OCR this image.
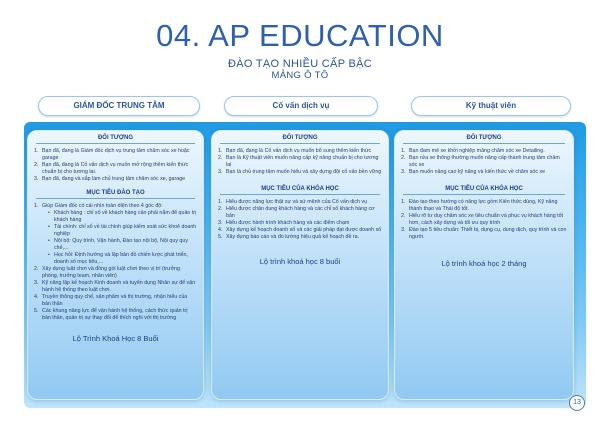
04. AP EDUCATION
ĐÀO TẠO NHIỀU CẤP BẬC
MẢNG Ô TÔ
GIÁM ĐỐC TRUNG TÂM	Cố vấn dịch vụ	Kỹ thuật viên
ĐỐI TƯỢNG
1. Bạn đã, đang là Giám đốc dịch vụ trung tâm chăm sóc xe hoặc garage
2. Bạn đã, đang là Cố vấn dịch vụ muốn mở rộng thêm kiến thức chuẩn bị cho tương lai.
3. Bạn đã, đang và sắp làm chủ trung tâm chăm sóc xe, garage
MỤC TIÊU ĐÀO TẠO
1. Giúp Giám đốc có cái nhìn toàn diện theo 4 góc độ:
• Khách hàng : chỉ số về khách hàng cần phải nắm để quản trị khách hàng
• Tài chính: chỉ số về tài chính giúp kiểm soát sức khoẻ doanh nghiệp
• Nội bộ: Quy trình, Vận hành, Đào tạo nội bộ, Nội quy quy chế,...
• Học hỏi: Định hướng và lập bản đồ chiến lược phát triển, doanh số mục tiêu,...
2. Xây dựng luật chơi và đồng gói luật chơi theo vị trí (trưởng phòng, trưởng team, nhân viên)
3. Kỹ năng lập kế hoạch Kinh doanh và tuyển dụng Nhân sự để vận hành hệ thống theo luật chơi.
4. Truyền thông quy chế, sản phẩm và thị trường, nhận hiểu của bản thân
5. Các khung năng lực để vận hành hệ thống, cách thức quản trị bản thân, quản trị sự thay đổi để thích nghi với thị trường
Lộ Trình Khoá Học 8 Buổi
ĐỐI TƯỢNG
1. Bạn đã, đang là Cố vấn dịch vụ muốn bổ sung thêm kiến thức
2. Bạn là Kỹ thuật viên muốn nâng cấp kỹ năng chuẩn bị cho tương lai
3. Bạn là chủ trung tâm muốn hiểu và xây dựng đội cố vấn bền vững
MỤC TIÊU CỦA KHÓA HỌC
1. Hiểu được năng lực thật sự và sứ mệnh của Cố vấn dịch vụ
2. Hiểu được chân dung khách hàng và các chỉ số khách hàng cơ bản
3. Hiểu được hành trình khách hàng và các điểm chạm
4. Xây dựng kế hoạch doanh số và các giải pháp đạt được doanh số
5. Xây dựng báo cáo và đo lường hiệu quả kế hoạch đề ra.
Lộ trình khoá học 8 buổi
ĐỐI TƯỢNG
1. Bạn đam mê xe khởi nghiệp mảng chăm sóc xe Detailing.
2. Bạn rửa xe thông thường muốn nâng cấp thành trung tâm chăm sóc xe
3. Bạn muốn nâng cao kỹ năng và kiến thức về chăm sóc xe
MỤC TIÊU CỦA KHÓA HỌC
1. Đào tạo theo hướng có năng lực gồm Kiến thức dùng, Kỹ năng thành thạo và Thái độ tốt.
2. Hiểu rõ tư duy chăm sóc xe tiêu chuẩn và phục vụ khách hàng tốt hơn, cách xây dựng và tối ưu quy trình
3. Đào tạo 5 tiêu chuẩn: Thiết bị, dụng cụ, dung dịch, quy trình và con người.
Lộ trình khoá học 2 tháng
13
